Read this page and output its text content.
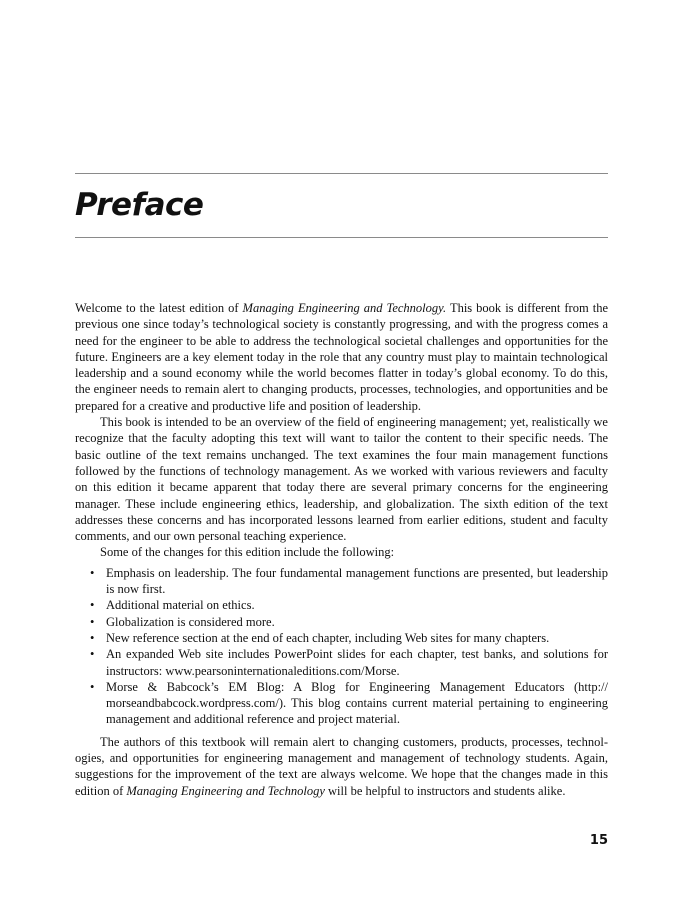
Preface

Welcome to the latest edition of Managing Engineering and Technology. This book is different from the previous one since today’s technological society is constantly progressing, and with the progress comes a need for the engineer to be able to address the technological societal challenges and opportunities for the future. Engineers are a key element today in the role that any country must play to maintain technological leadership and a sound economy while the world becomes flatter in today’s global economy. To do this, the engineer needs to remain alert to changing products, processes, technologies, and opportunities and be prepared for a creative and productive life and position of leadership.

This book is intended to be an overview of the field of engineering management; yet, realistically we recognize that the faculty adopting this text will want to tailor the content to their specific needs. The basic outline of the text remains unchanged. The text examines the four main management functions followed by the functions of technology management. As we worked with various reviewers and faculty on this edition it became apparent that today there are several primary concerns for the engineering manager. These include engineering ethics, leadership, and globalization. The sixth edition of the text addresses these concerns and has incorporated lessons learned from earlier editions, student and faculty comments, and our own personal teaching experience.

Some of the changes for this edition include the following:

• Emphasis on leadership. The four fundamental management functions are presented, but leadership is now first.
• Additional material on ethics.
• Globalization is considered more.
• New reference section at the end of each chapter, including Web sites for many chapters.
• An expanded Web site includes PowerPoint slides for each chapter, test banks, and solutions for instructors: www.pearsoninternationaleditions.com/Morse.
• Morse & Babcock’s EM Blog: A Blog for Engineering Management Educators (http:// morseandbabcock.wordpress.com/). This blog contains current material pertaining to engineering management and additional reference and project material.

The authors of this textbook will remain alert to changing customers, products, processes, technologies, and opportunities for engineering management and management of technology students. Again, suggestions for the improvement of the text are always welcome. We hope that the changes made in this edition of Managing Engineering and Technology will be helpful to instructors and students alike.

15
